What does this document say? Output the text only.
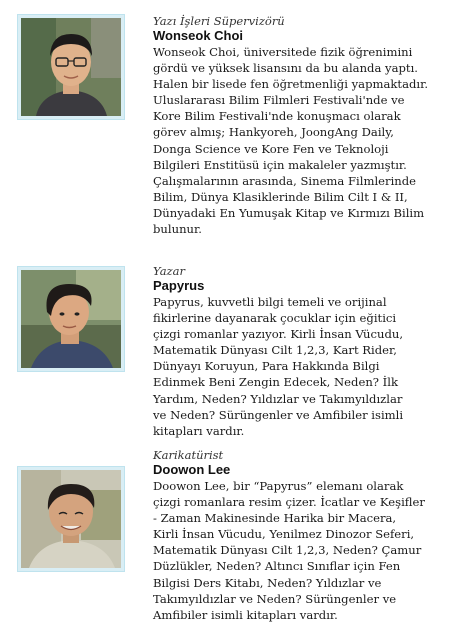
Yazı İşleri Süpervizörü
Wonseok Choi
Wonseok Choi, üniversitede fizik öğrenimini
gördü ve yüksek lisansını da bu alanda yaptı.
Halen bir lisede fen öğretmenliği yapmaktadır.
Uluslararası Bilim Filmleri Festivali'nde ve
Kore Bilim Festivali'nde konuşmacı olarak
görev almış; Hankyoreh, JoongAng Daily,
Donga Science ve Kore Fen ve Teknoloji
Bilgileri Enstitüsü için makaleler yazmıştır.
Çalışmalarının arasında, Sinema Filmlerinde
Bilim, Dünya Klasiklerinde Bilim Cilt I & II,
Dünyadaki En Yumuşak Kitap ve Kırmızı Bilim
bulunur.
Yazar
Papyrus
Papyrus, kuvvetli bilgi temeli ve orijinal
fikirlerine dayanarak çocuklar için eğitici
çizgi romanlar yazıyor. Kirli İnsan Vücudu,
Matematik Dünyası Cilt 1,2,3, Kart Rider,
Dünyayı Koruyun, Para Hakkında Bilgi
Edinmek Beni Zengin Edecek, Neden? İlk
Yardım, Neden? Yıldızlar ve Takımyıldızlar
ve Neden? Sürüngenler ve Amfibiler isimli
kitapları vardır.
Karikatürist
Doowon Lee
Doowon Lee, bir “Papyrus” elemanı olarak
çizgi romanlara resim çizer. İcatlar ve Keşifler
- Zaman Makinesinde Harika bir Macera,
Kirli İnsan Vücudu, Yenilmez Dinozor Seferi,
Matematik Dünyası Cilt 1,2,3, Neden? Çamur
Düzlükler, Neden? Altıncı Sınıflar için Fen
Bilgisi Ders Kitabı, Neden? Yıldızlar ve
Takımyıldızlar ve Neden? Sürüngenler ve
Amfibiler isimli kitapları vardır.
